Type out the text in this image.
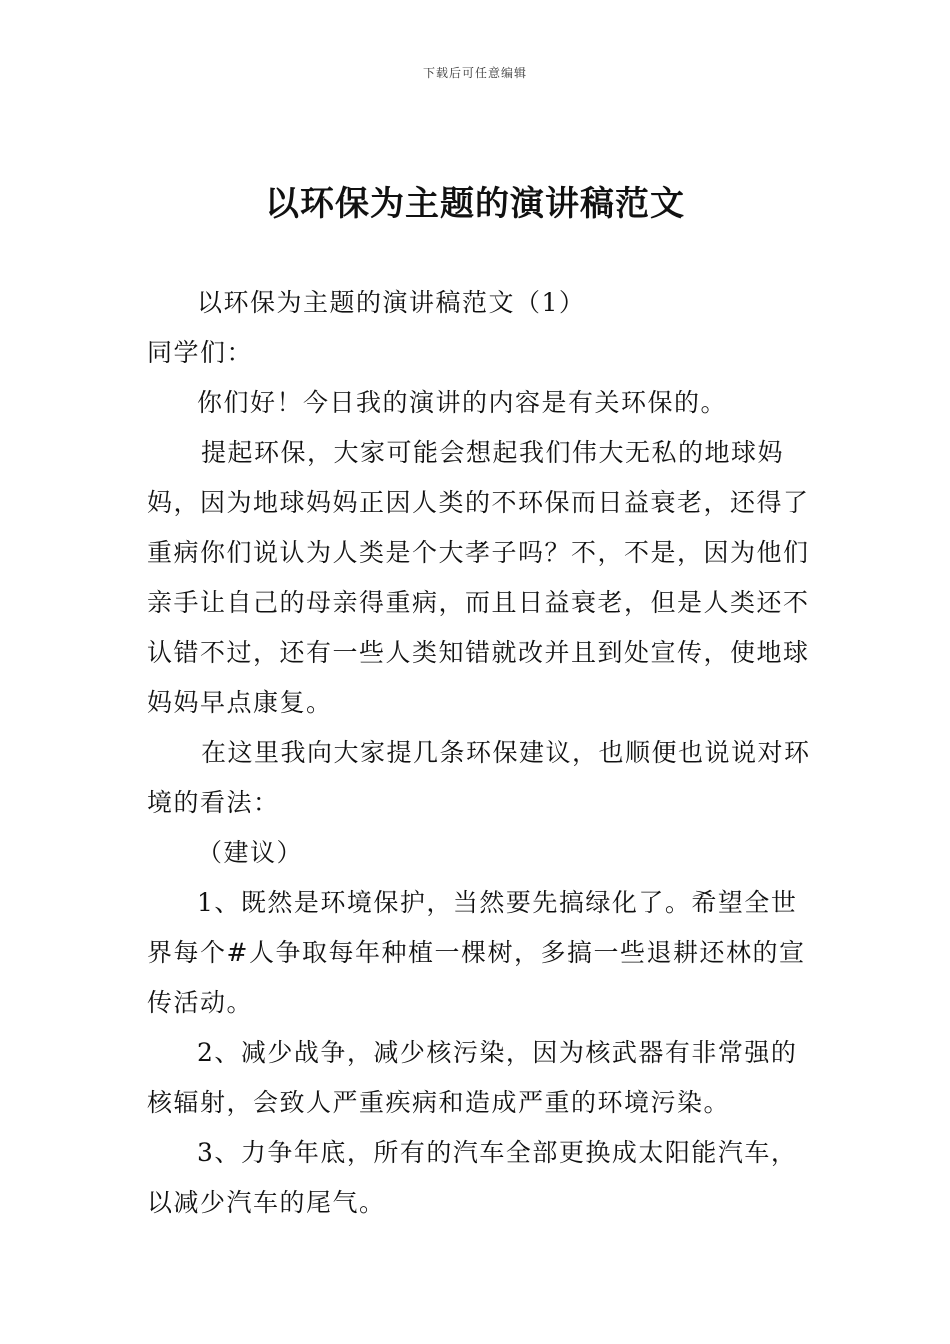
下载后可任意编辑
以环保为主题的演讲稿范文

以环保为主题的演讲稿范文（1）

同学们：

你们好！今日我的演讲的内容是有关环保的。

提起环保，大家可能会想起我们伟大无私的地球妈妈，因为地球妈妈正因人类的不环保而日益衰老，还得了重病你们说认为人类是个大孝子吗？不，不是，因为他们亲手让自己的母亲得重病，而且日益衰老，但是人类还不认错不过，还有一些人类知错就改并且到处宣传，使地球妈妈早点康复。

在这里我向大家提几条环保建议，也顺便也说说对环境的看法：

（建议）

1、既然是环境保护，当然要先搞绿化了。希望全世界每个#人争取每年种植一棵树，多搞一些退耕还林的宣传活动。

2、减少战争，减少核污染，因为核武器有非常强的核辐射，会致人严重疾病和造成严重的环境污染。

3、力争年底，所有的汽车全部更换成太阳能汽车，以减少汽车的尾气。
